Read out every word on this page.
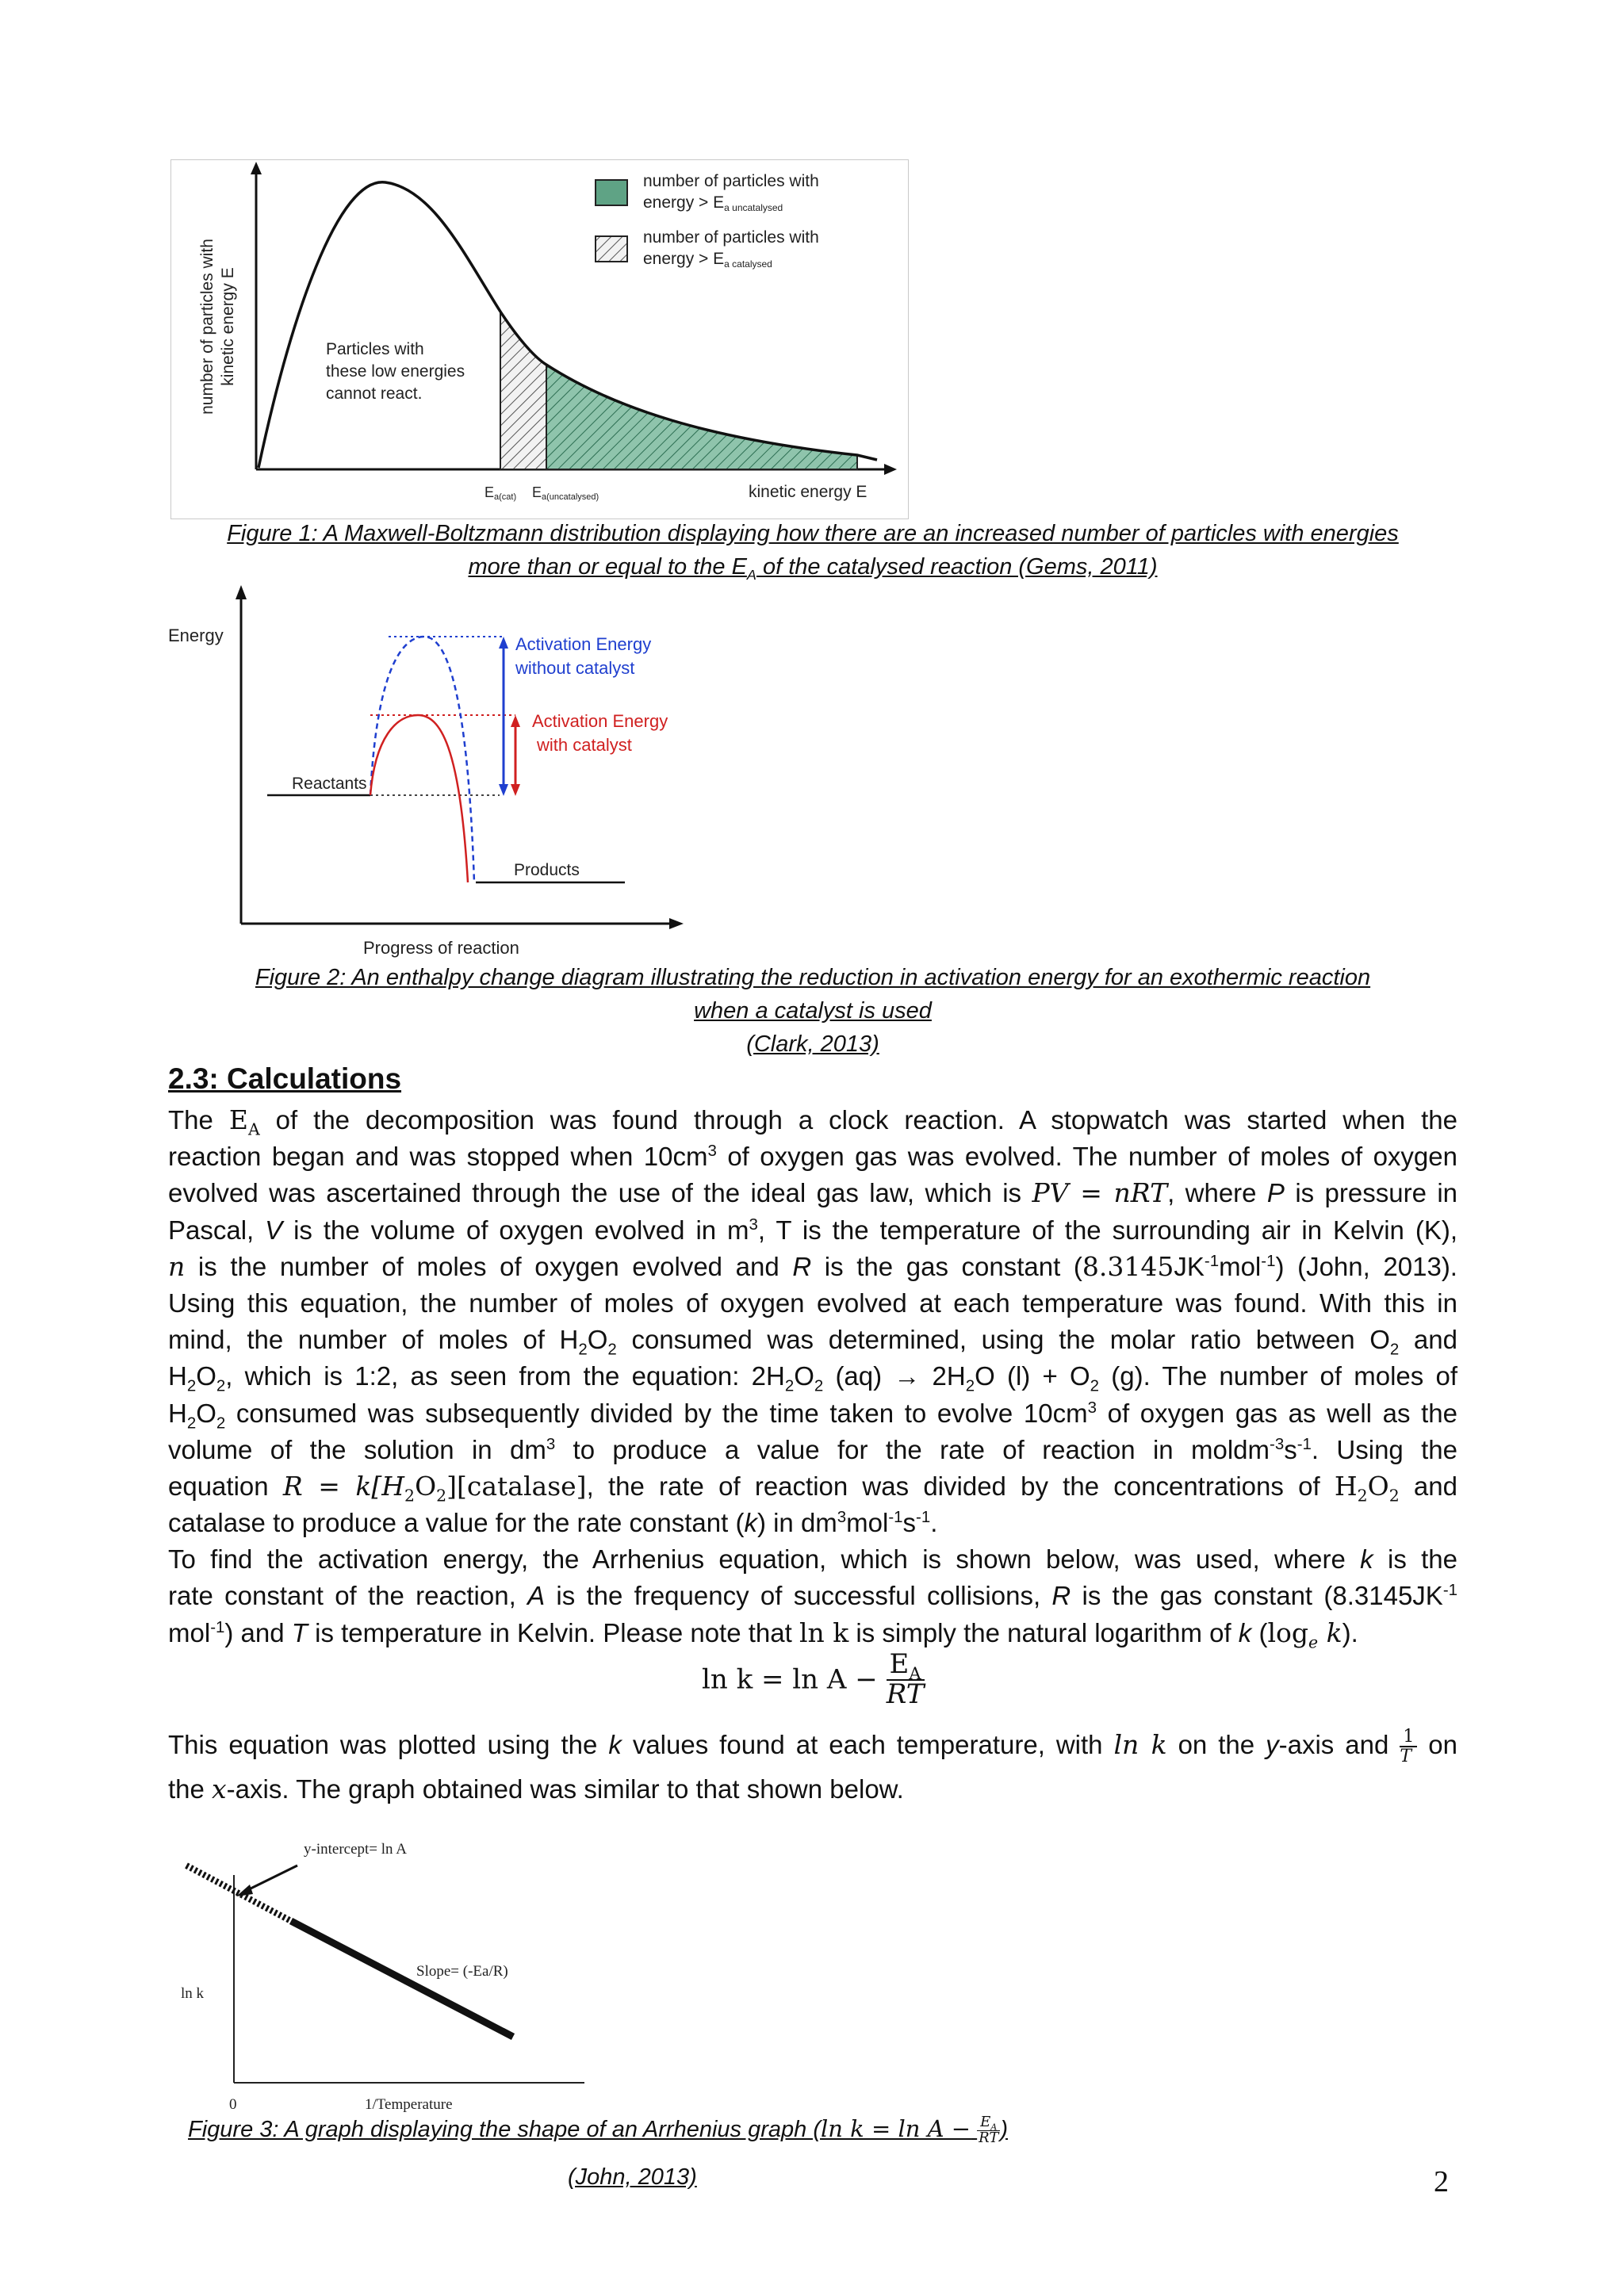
number of particles with kinetic energy E	Particles with
these low energies
cannot react.
number of particles with
energy > Ea uncatalysed
number of particles with
energy > Ea catalysed
Ea(cat) Ea(uncatalysed)	kinetic energy E
Figure 1: A Maxwell-Boltzmann distribution displaying how there are an increased number of particles with energies
more than or equal to the $E_A$ of the catalysed reaction (Gems, 2011)
Energy
Progress of reaction
Reactants
Products
Activation Energy
without catalyst
Activation Energy
with catalyst
Figure 2: An enthalpy change diagram illustrating the reduction in activation energy for an exothermic reaction
when a catalyst is used
(Clark, 2013)
2.3: Calculations
The $E_A$ of the decomposition was found through a clock reaction. A stopwatch was started when the
reaction began and was stopped when $10cm^3$ of oxygen gas was evolved. The number of moles of oxygen
evolved was ascertained through the use of the ideal gas law, which is PV = nRT, where P is pressure in
Pascal, V is the volume of oxygen evolved in $m^3$, T is the temperature of the surrounding air in Kelvin (K),
n is the number of moles of oxygen evolved and R is the gas constant $(8.3145JK^{-1}mol^{-1})$ (John, 2013).
Using this equation, the number of moles of oxygen evolved at each temperature was found. With this in
mind, the number of moles of $H_2O_2$ consumed was determined, using the molar ratio between $O_2$ and
$H_2O_2$, which is 1:2, as seen from the equation: $2H_2O_2$ $(aq) \to 2H_2O$ $(l) + O_2$ (g). The number of moles of
$H_2O_2$ consumed was subsequently divided by the time taken to evolve $10cm^3$ of oxygen gas as well as the
volume of the solution in $dm^3$ to produce a value for the rate of reaction in $moldm^{-3}s^{-1}$. Using the
equation $R = k[H_2O_2][catalase]$, the rate of reaction was divided by the concentrations of $H_2O_2$ and
catalase to produce a value for the rate constant (k) in $dm^3mol^{-1}s^{-1}$.
To find the activation energy, the Arrhenius equation, which is shown below, was used, where k is the
rate constant of the reaction, A is the frequency of successful collisions, R is the gas constant ($8.3145JK^{-1}$
mol$^{-1}$) and T is temperature in Kelvin. Please note that ln k is simply the natural logarithm of k ($\log_e$ k).
$\ln k = \ln A - \frac{E_A}{RT}$
This equation was plotted using the k values found at each temperature, with ln k on the y-axis and $\frac{1}{T}$ on
the x-axis. The graph obtained was similar to that shown below.
y-intercept= ln A
Slope= (-Ea/R)
ln k
0	1/Temperature
Figure 3: A graph displaying the shape of an Arrhenius graph (ln $k = \ln A - \frac{E_A}{RT}$ )
(John, 2013)	2
